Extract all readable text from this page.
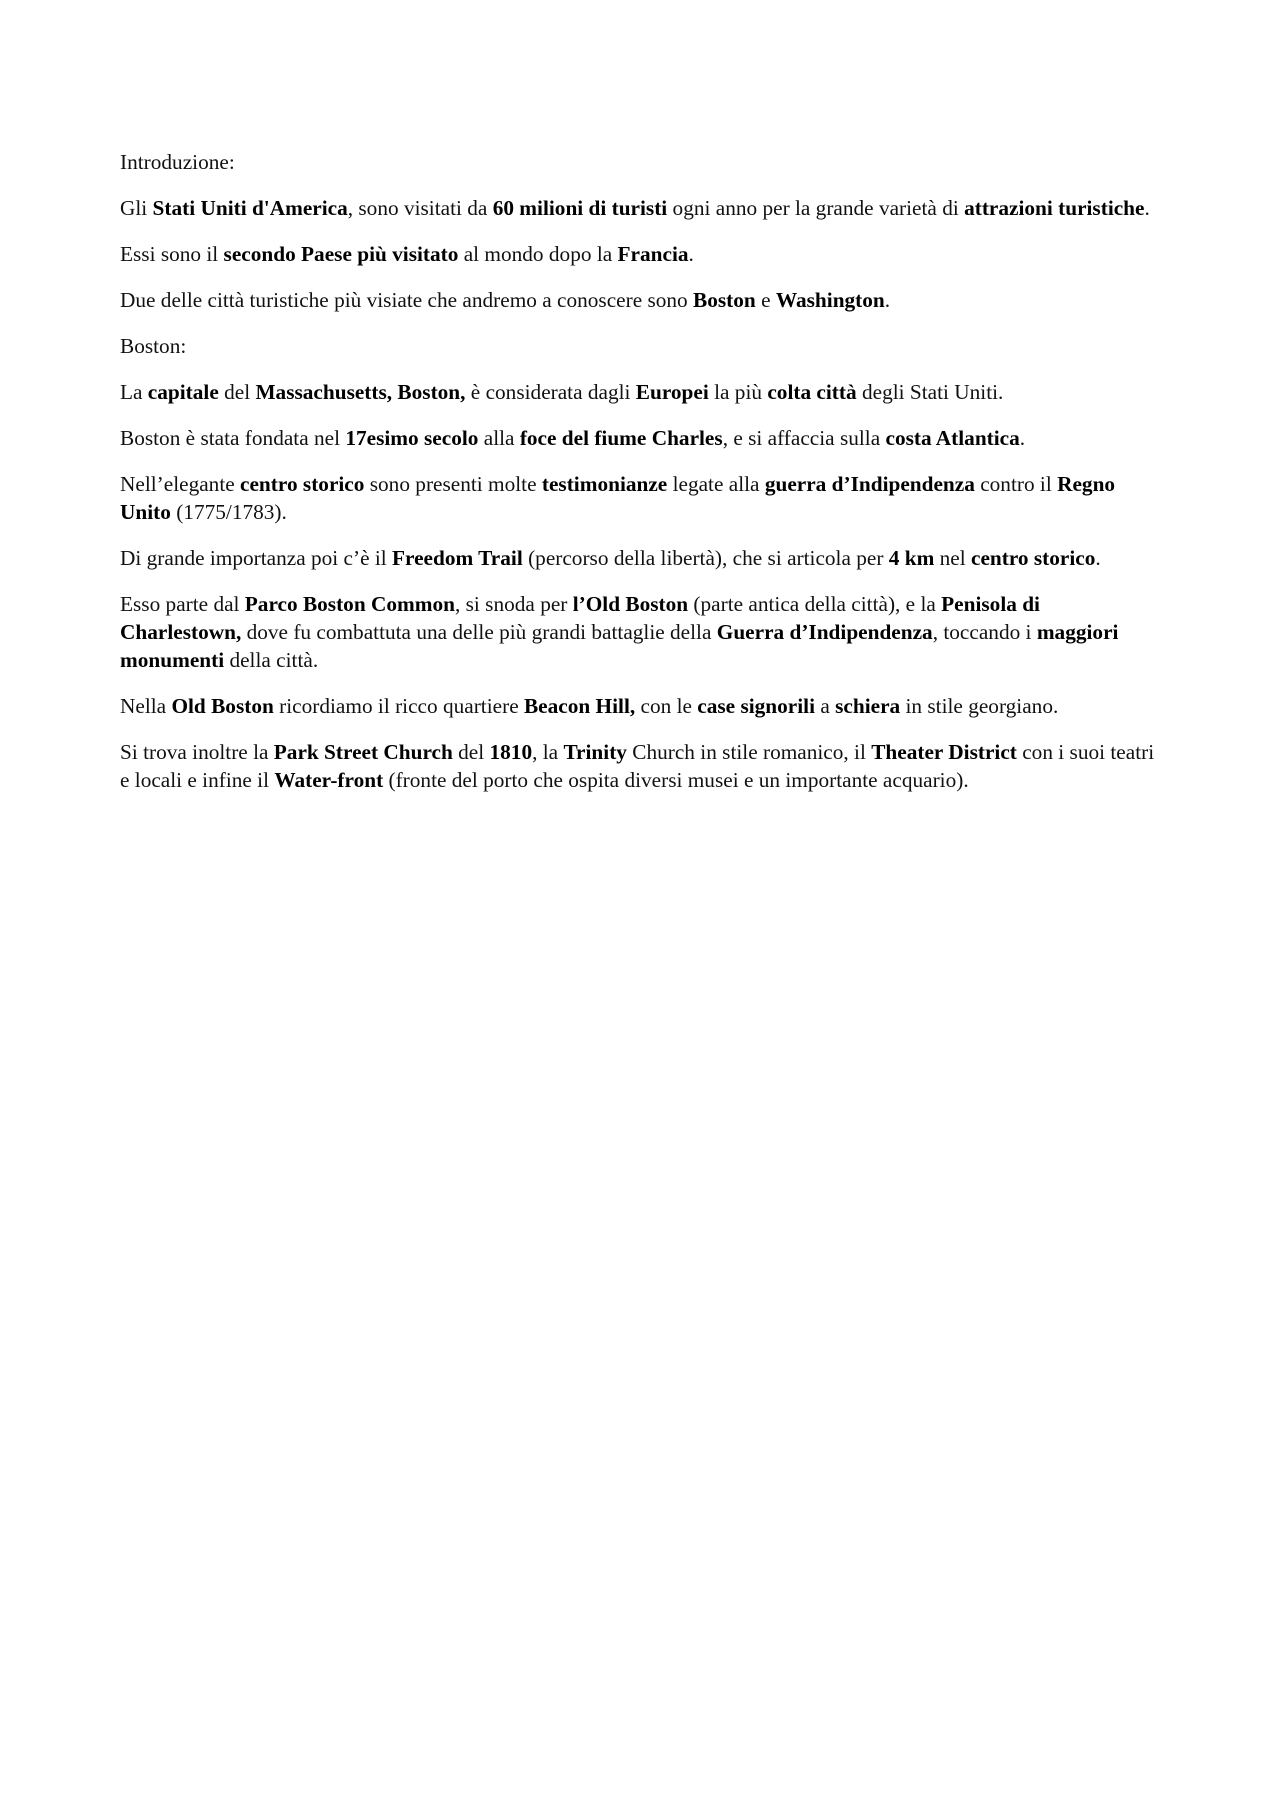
Introduzione:

Gli Stati Uniti d'America, sono visitati da 60 milioni di turisti ogni anno per la grande varietà di attrazioni turistiche.

Essi sono il secondo Paese più visitato al mondo dopo la Francia.

Due delle città turistiche più visiate che andremo a conoscere sono Boston e Washington.

Boston:

La capitale del Massachusetts, Boston, è considerata dagli Europei la più colta città degli Stati Uniti.

Boston è stata fondata nel 17esimo secolo alla foce del fiume Charles, e si affaccia sulla costa Atlantica.

Nell’elegante centro storico sono presenti molte testimonianze legate alla guerra d’Indipendenza contro il Regno Unito (1775/1783).

Di grande importanza poi c’è il Freedom Trail (percorso della libertà), che si articola per 4 km nel centro storico.

Esso parte dal Parco Boston Common, si snoda per l’Old Boston (parte antica della città), e la Penisola di Charlestown, dove fu combattuta una delle più grandi battaglie della Guerra d’Indipendenza, toccando i maggiori monumenti della città.

Nella Old Boston ricordiamo il ricco quartiere Beacon Hill, con le case signorili a schiera in stile georgiano.

Si trova inoltre la Park Street Church del 1810, la Trinity Church in stile romanico, il Theater District con i suoi teatri e locali e infine il Water-front (fronte del porto che ospita diversi musei e un importante acquario).
